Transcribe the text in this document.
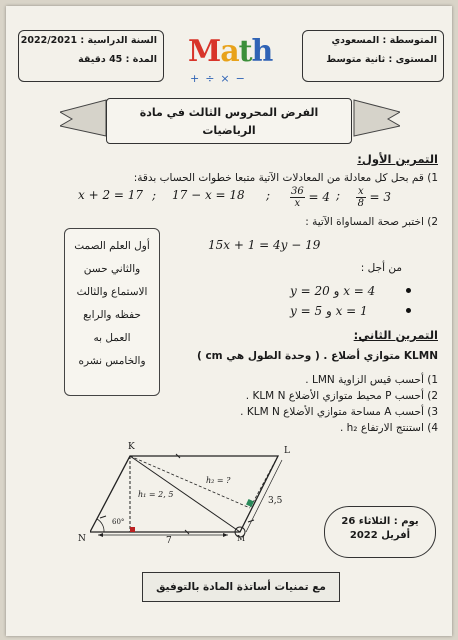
السنة الدراسية : 2022/2021
المدة : 45 دقيقة Math
+÷×−
المتوسطة : المسعودي
المستوى : ثانية متوسط
الفرض المحروس الثالث في مادة
الرياضيات
التمرين الأول:
1) قم بحل كل معادلة من المعادلات الآتية متبعا خطوات الحساب بدقة:
x + 2 = 17 ; 17 − x = 18 ; $\frac{36}{x} = 4$ ; $\frac{x}{8} = 3$
2) اختبر صحة المساواة الآتية :
15x + 1 = 4y − 19
من أجل :
y = 20 و x = 4
y = 5 و x = 1
أول العلم الصمت
والثاني حسن
الاستماع والثالث
حفظه والرابع
العمل به
والخامس نشره
التمرين الثاني:
KLMN متوازي أضلاع . ( وحدة الطول هي cm )
1) أحسب قيس الزاوية LMN .
2) أحسب P محيط متوازي الأضلاع KLM N .
3) أحسب A مساحة متوازي الأضلاع KLM N .
4) استنتج الارتفاع h₂ .
K	L
N	M
60°
h₁ = 2, 5
h₂ = ?
7
3,5
يوم : الثلاثاء 26
أفريل 2022
مع تمنيات أساتذة المادة بالتوفيق
